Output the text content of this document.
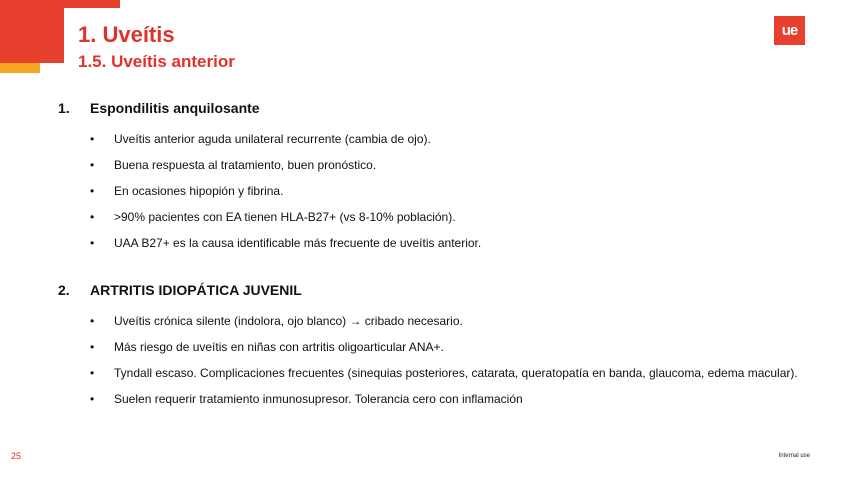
1. Uveítis
1.5. Uveítis anterior
ue
1.	Espondilitis anquilosante
•	Uveítis anterior aguda unilateral recurrente (cambia de ojo).
•	Buena respuesta al tratamiento, buen pronóstico.
•	En ocasiones hipopión y fibrina.
•	>90% pacientes con EA tienen HLA-B27+ (vs 8-10% población).
•	UAA B27+ es la causa identificable más frecuente de uveítis anterior.
2.	ARTRITIS IDIOPÁTICA JUVENIL
•	Uveítis crónica silente (indolora, ojo blanco) → cribado necesario.
•	Más riesgo de uveítis en niñas con artritis oligoarticular ANA+.
•	Tyndall escaso. Complicaciones frecuentes (sinequias posteriores, catarata, queratopatía en banda, glaucoma, edema macular).
•	Suelen requerir tratamiento inmunosupresor. Tolerancia cero con inflamación
25	Internal use
